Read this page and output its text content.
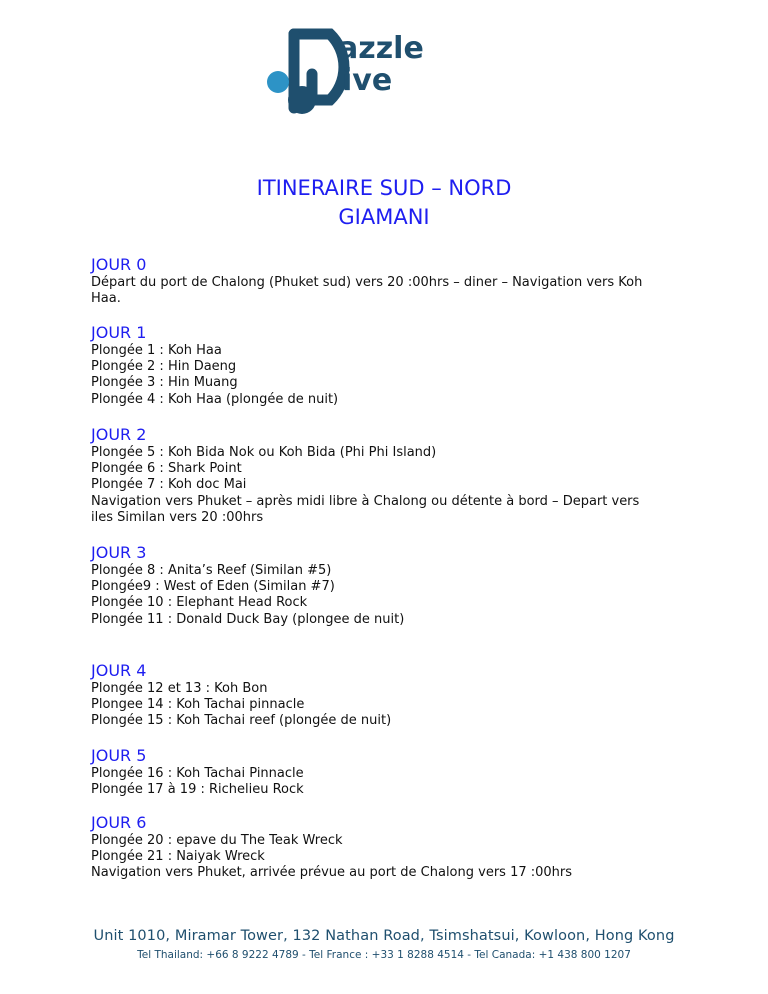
azzle
ive
ITINERAIRE SUD – NORD
GIAMANI
JOUR 0
Départ du port de Chalong (Phuket sud) vers 20 :00hrs – diner – Navigation vers Koh
Haa.
JOUR 1
Plongée 1 : Koh Haa
Plongée 2 : Hin Daeng
Plongée 3 : Hin Muang
Plongée 4 : Koh Haa (plongée de nuit)
JOUR 2
Plongée 5 : Koh Bida Nok ou Koh Bida (Phi Phi Island)
Plongée 6 : Shark Point
Plongée 7 : Koh doc Mai
Navigation vers Phuket – après midi libre à Chalong ou détente à bord – Depart vers
iles Similan vers 20 :00hrs
JOUR 3
Plongée 8 : Anita’s Reef (Similan #5)
Plongée9 : West of Eden (Similan #7)
Plongée 10 : Elephant Head Rock
Plongée 11 : Donald Duck Bay (plongee de nuit)
JOUR 4
Plongée 12 et 13 : Koh Bon
Plongee 14 : Koh Tachai pinnacle
Plongée 15 : Koh Tachai reef (plongée de nuit)
JOUR 5
Plongée 16 : Koh Tachai Pinnacle
Plongée 17 à 19 : Richelieu Rock
JOUR 6
Plongée 20 : epave du The Teak Wreck
Plongée 21 : Naiyak Wreck
Navigation vers Phuket, arrivée prévue au port de Chalong vers 17 :00hrs
Unit 1010, Miramar Tower, 132 Nathan Road, Tsimshatsui, Kowloon, Hong Kong
Tel Thailand: +66 8 9222 4789 - Tel France : +33 1 8288 4514 - Tel Canada: +1 438 800 1207
